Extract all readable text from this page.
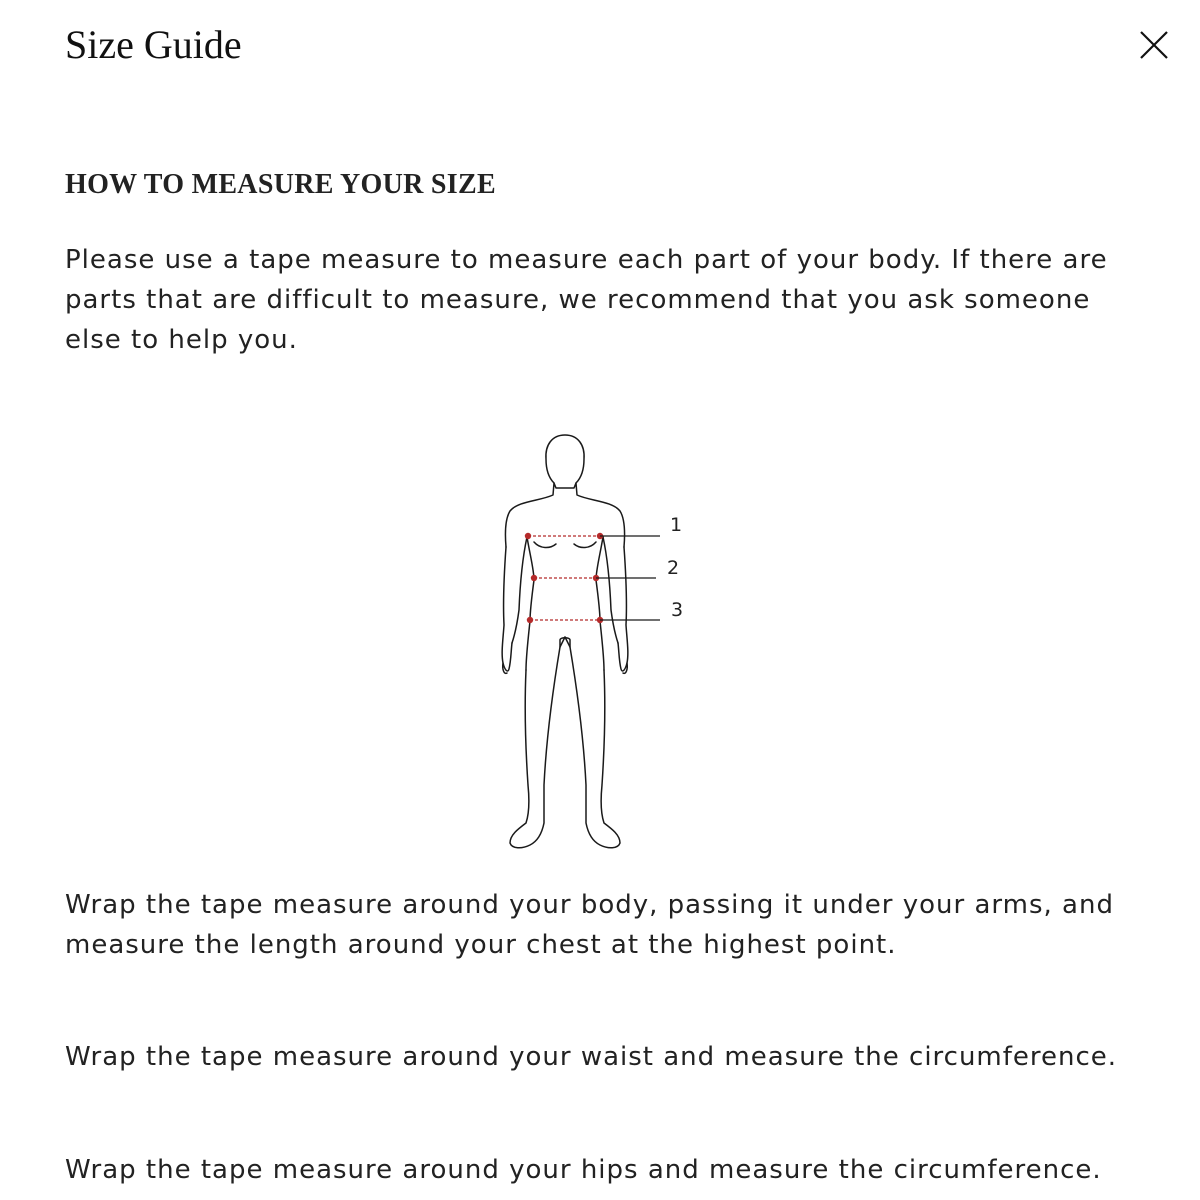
Size Guide
HOW TO MEASURE YOUR SIZE

Please use a tape measure to measure each part of your body. If there are parts that are difficult to measure, we recommend that you ask someone else to help you.

1
2
3

Wrap the tape measure around your body, passing it under your arms, and measure the length around your chest at the highest point.

Wrap the tape measure around your waist and measure the circumference.

Wrap the tape measure around your hips and measure the circumference.
